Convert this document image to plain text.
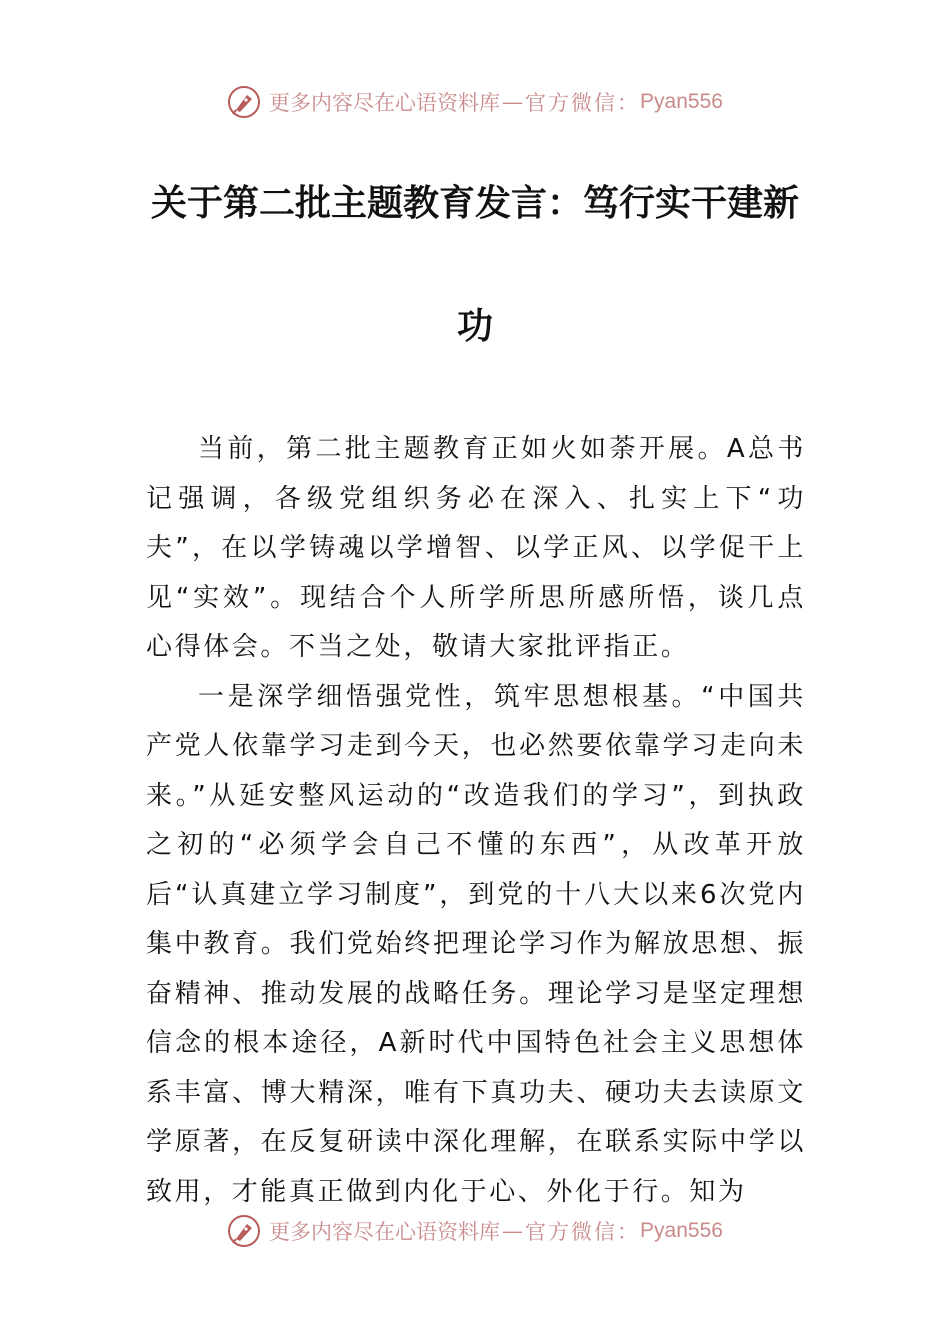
更多内容尽在心语资料库 — 官方微信： Pyan556
关于第二批主题教育发言：笃行实干建新
功

当前，第二批主题教育正如火如荼开展。A总书记强调，各级党组织务必在深入、扎实上下“功夫”，在以学铸魂以学增智、以学正风、以学促干上见“实效”。现结合个人所学所思所感所悟，谈几点心得体会。不当之处，敬请大家批评指正。

一是深学细悟强党性，筑牢思想根基。“中国共产党人依靠学习走到今天，也必然要依靠学习走向未来。”从延安整风运动的“改造我们的学习”，到执政之初的“必须学会自己不懂的东西”，从改革开放后“认真建立学习制度”，到党的十八大以来6次党内集中教育。我们党始终把理论学习作为解放思想、振奋精神、推动发展的战略任务。理论学习是坚定理想信念的根本途径，A新时代中国特色社会主义思想体系丰富、博大精深，唯有下真功夫、硬功夫去读原文学原著，在反复研读中深化理解，在联系实际中学以致用，才能真正做到内化于心、外化于行。知为

更多内容尽在心语资料库 — 官方微信： Pyan556
